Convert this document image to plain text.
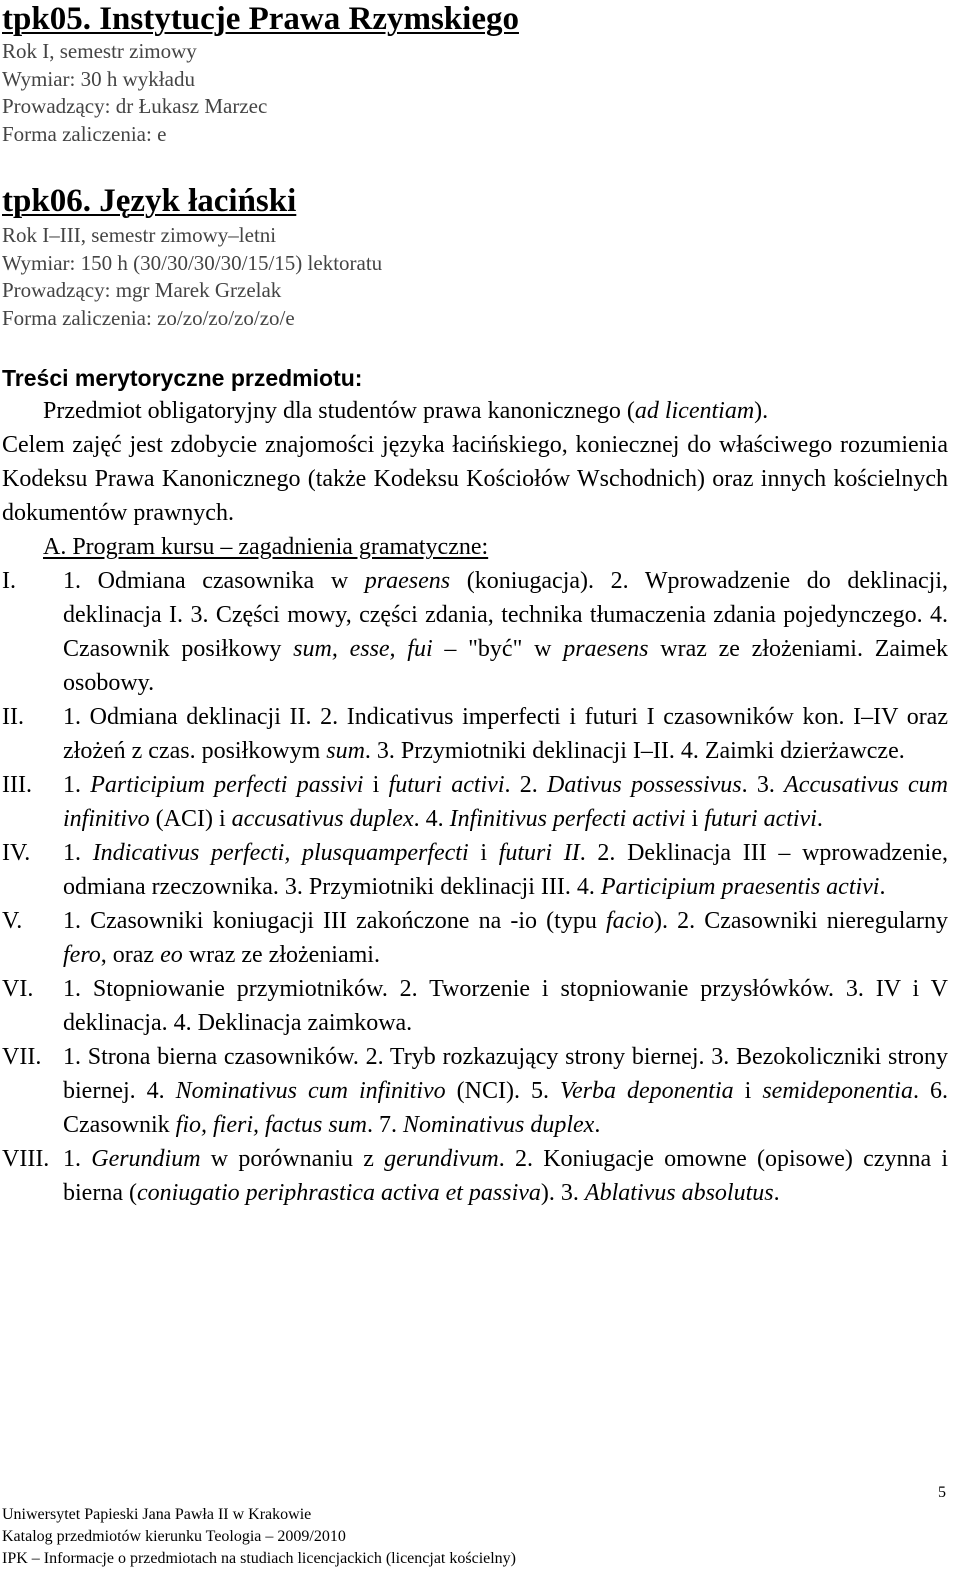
tpk05. Instytucje Prawa Rzymskiego
Rok I, semestr zimowy
Wymiar: 30 h wykładu
Prowadzący: dr Łukasz Marzec
Forma zaliczenia: e
tpk06. Język łaciński
Rok I–III, semestr zimowy–letni
Wymiar: 150 h (30/30/30/30/15/15) lektoratu
Prowadzący: mgr Marek Grzelak
Forma zaliczenia: zo/zo/zo/zo/zo/e
Treści merytoryczne przedmiotu:
Przedmiot obligatoryjny dla studentów prawa kanonicznego (ad licentiam).
Celem zajęć jest zdobycie znajomości języka łacińskiego, koniecznej do właściwego rozumienia Kodeksu Prawa Kanonicznego (także Kodeksu Kościołów Wschodnich) oraz innych kościelnych dokumentów prawnych.
A. Program kursu – zagadnienia gramatyczne:
I.	1. Odmiana czasownika w praesens (koniugacja). 2. Wprowadzenie do deklinacji, deklinacja I. 3. Części mowy, części zdania, technika tłumaczenia zdania pojedynczego. 4. Czasownik posiłkowy sum, esse, fui – "być" w praesens wraz ze złożeniami. Zaimek osobowy.
II.	1. Odmiana deklinacji II. 2. Indicativus imperfecti i futuri I czasowników kon. I–IV oraz złożeń z czas. posiłkowym sum. 3. Przymiotniki deklinacji I–II. 4. Zaimki dzierżawcze.
III.	1. Participium perfecti passivi i futuri activi. 2. Dativus possessivus. 3. Accusativus cum infinitivo (ACI) i accusativus duplex. 4. Infinitivus perfecti activi i futuri activi.
IV.	1. Indicativus perfecti, plusquamperfecti i futuri II. 2. Deklinacja III – wprowadzenie, odmiana rzeczownika. 3. Przymiotniki deklinacji III. 4. Participium praesentis activi.
V.	1. Czasowniki koniugacji III zakończone na -io (typu facio). 2. Czasowniki nieregularny fero, oraz eo wraz ze złożeniami.
VI.	1. Stopniowanie przymiotników. 2. Tworzenie i stopniowanie przysłówków. 3. IV i V deklinacja. 4. Deklinacja zaimkowa.
VII. 1. Strona bierna czasowników. 2. Tryb rozkazujący strony biernej. 3. Bezokoliczniki strony biernej. 4. Nominativus cum infinitivo (NCI). 5. Verba deponentia i semideponentia. 6. Czasownik fio, fieri, factus sum. 7. Nominativus duplex.
VIII. 1. Gerundium w porównaniu z gerundivum. 2. Koniugacje omowne (opisowe) czynna i bierna (coniugatio periphrastica activa et passiva). 3. Ablativus absolutus.
5
Uniwersytet Papieski Jana Pawła II w Krakowie
Katalog przedmiotów kierunku Teologia – 2009/2010
IPK – Informacje o przedmiotach na studiach licencjackich (licencjat kościelny)
